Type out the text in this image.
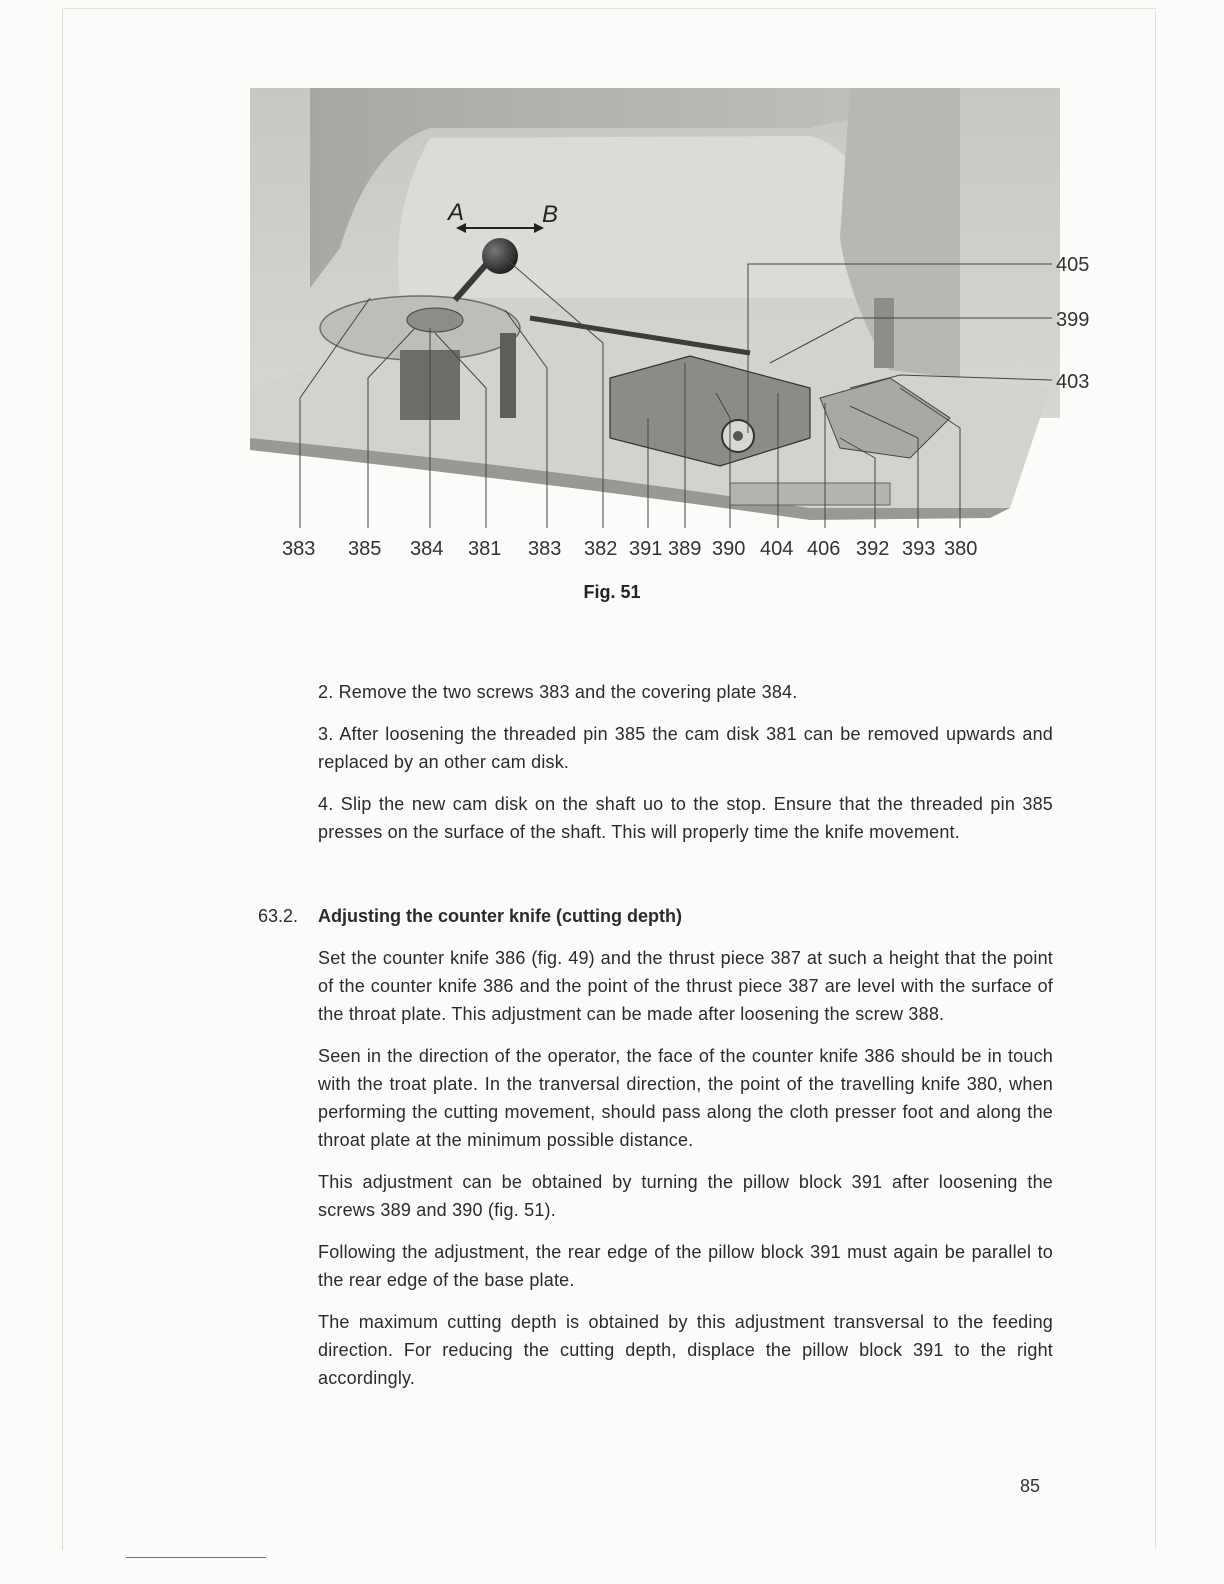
A	B
405
399
403
383 385 384 381 383 382 391 389 390 404 406 392 393 380
Fig. 51
2. Remove the two screws 383 and the covering plate 384.
3. After loosening the threaded pin 385 the cam disk 381 can be removed upwards and replaced by an other cam disk.
4. Slip the new cam disk on the shaft uo to the stop. Ensure that the threaded pin 385 presses on the surface of the shaft. This will properly time the knife movement.
63.2.	Adjusting the counter knife (cutting depth)

Set the counter knife 386 (fig. 49) and the thrust piece 387 at such a height that the point of the counter knife 386 and the point of the thrust piece 387 are level with the surface of the throat plate. This adjustment can be made after loosening the screw 388.

Seen in the direction of the operator, the face of the counter knife 386 should be in touch with the troat plate. In the tranversal direction, the point of the travelling knife 380, when performing the cutting movement, should pass along the cloth presser foot and along the throat plate at the minimum possible distance.

This adjustment can be obtained by turning the pillow block 391 after loosening the screws 389 and 390 (fig. 51).

Following the adjustment, the rear edge of the pillow block 391 must again be parallel to the rear edge of the base plate.

The maximum cutting depth is obtained by this adjustment transversal to the feeding direction. For reducing the cutting depth, displace the pillow block 391 to the right accordingly.

85
